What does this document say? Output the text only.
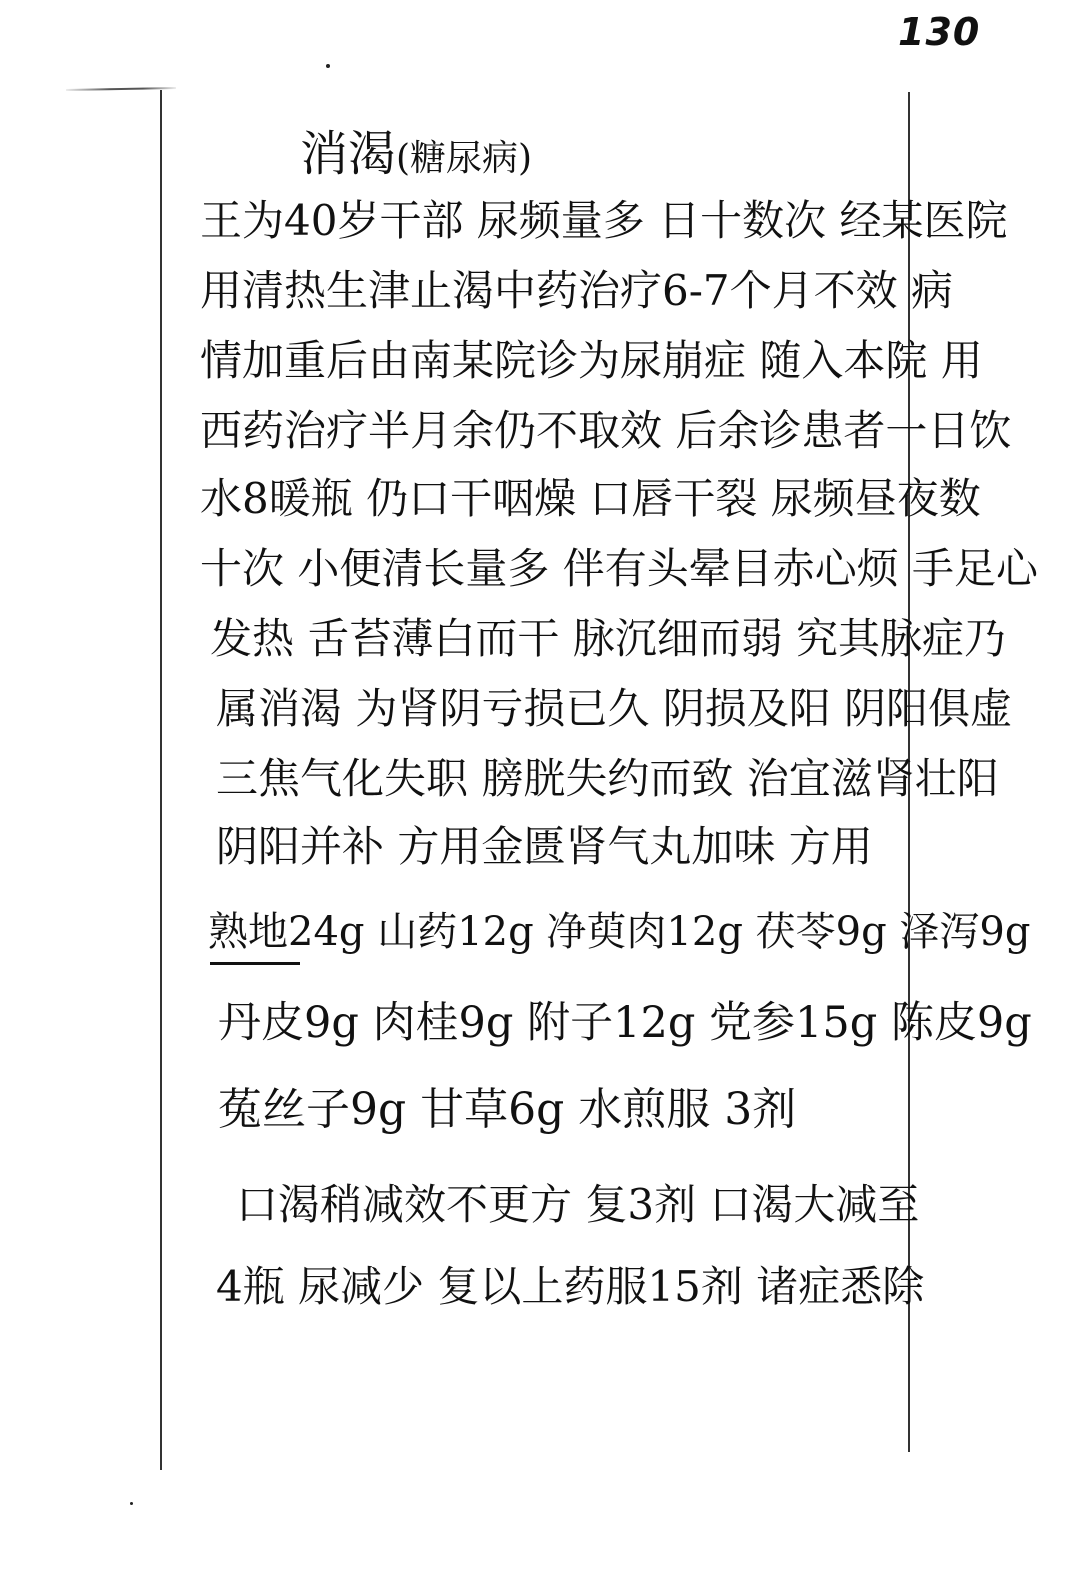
130
消渴(糖尿病)
王为40岁干部 尿频量多 日十数次 经某医院
用清热生津止渴中药治疗6-7个月不效 病
情加重后由南某院诊为尿崩症 随入本院 用
西药治疗半月余仍不取效 后余诊患者一日饮
水8暖瓶 仍口干咽燥 口唇干裂 尿频昼夜数
十次 小便清长量多 伴有头晕目赤心烦 手足心
发热 舌苔薄白而干 脉沉细而弱 究其脉症乃
属消渴 为肾阴亏损已久 阴损及阳 阴阳俱虚
三焦气化失职 膀胱失约而致 治宜滋肾壮阳
阴阳并补 方用金匮肾气丸加味 方用
熟地24g 山药12g 净萸肉12g 茯苓9g 泽泻9g
丹皮9g 肉桂9g 附子12g 党参15g 陈皮9g
菟丝子9g 甘草6g 水煎服 3剂
口渴稍减效不更方 复3剂 口渴大减至
4瓶 尿减少 复以上药服15剂 诸症悉除
